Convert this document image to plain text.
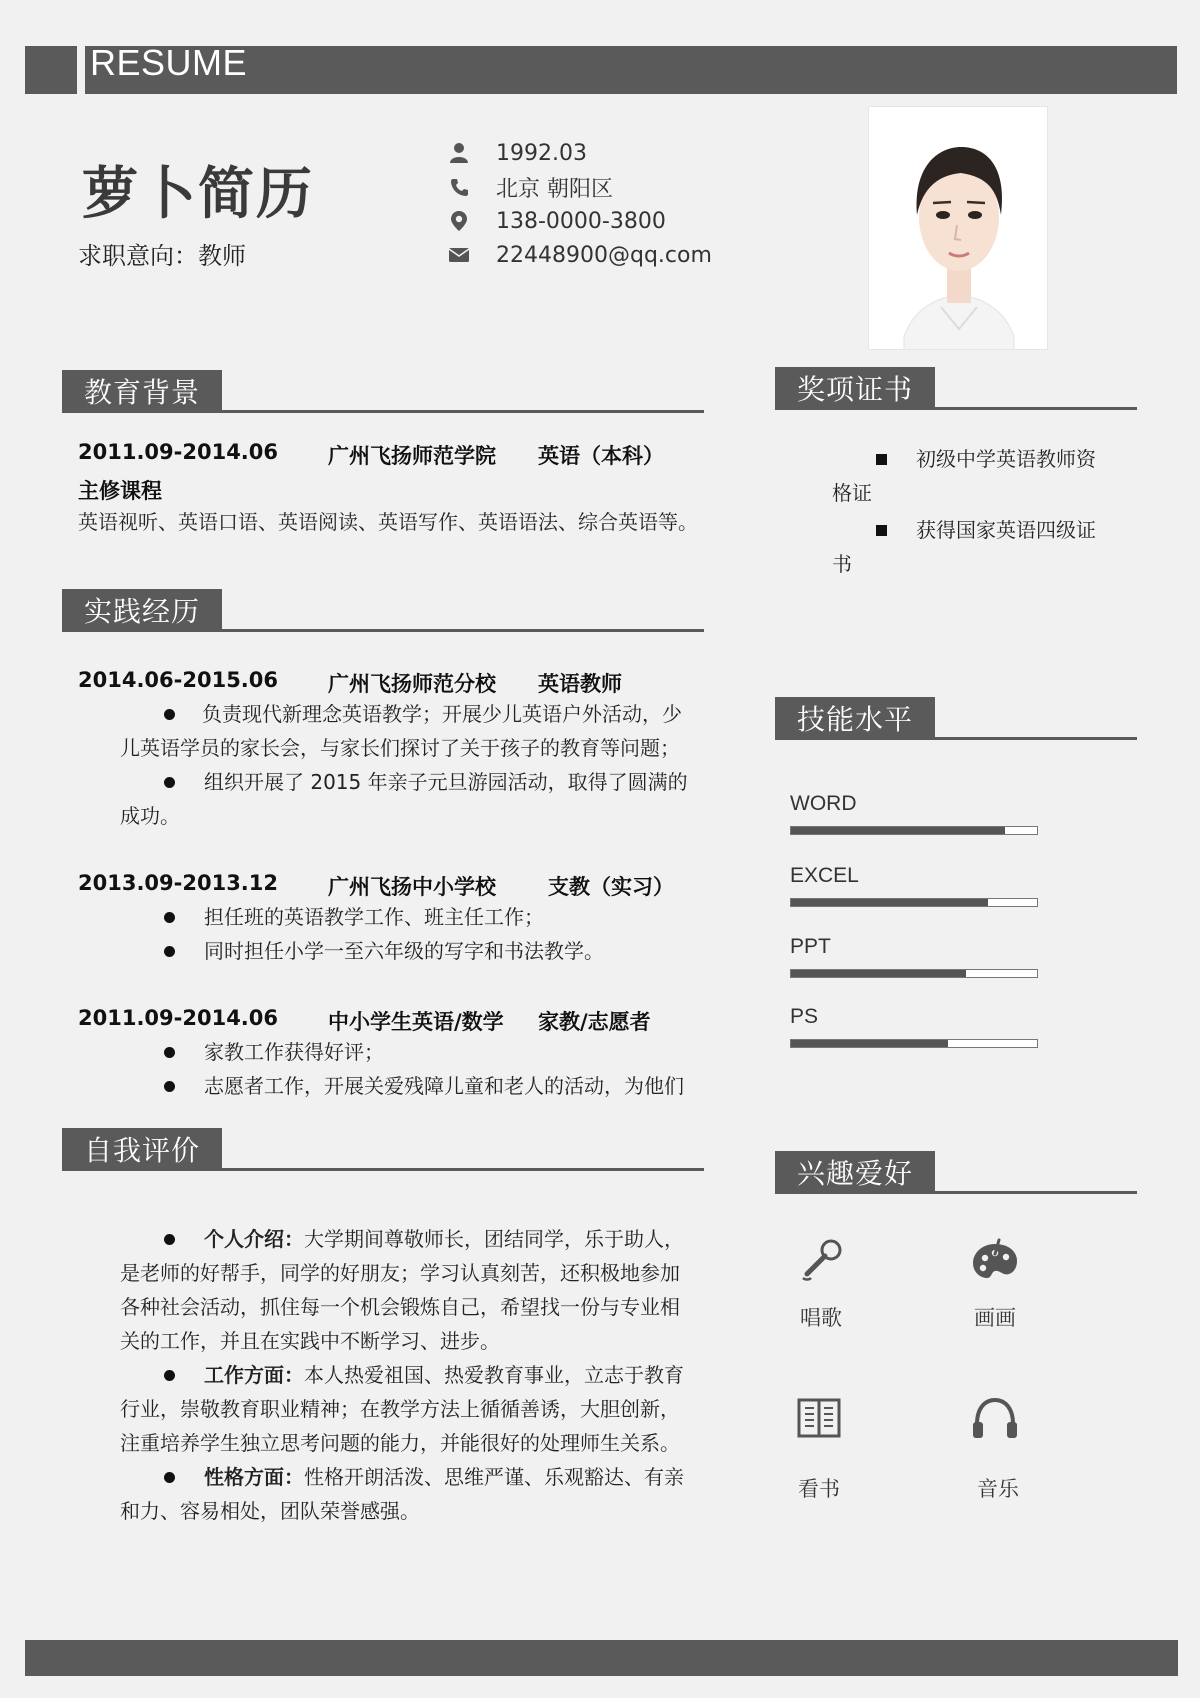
RESUME
萝卜简历
求职意向：教师
1992.03
北京 朝阳区
138-0000-3800
22448900@qq.com
教育背景
2011.09-2014.06 广州飞扬师范学院 英语（本科）
主修课程
英语视听、英语口语、英语阅读、英语写作、英语语法、综合英语等。
实践经历
2014.06-2015.06 广州飞扬师范分校 英语教师
负责现代新理念英语教学；开展少儿英语户外活动，少
儿英语学员的家长会，与家长们探讨了关于孩子的教育等问题；
组织开展了 2015 年亲子元旦游园活动，取得了圆满的
成功。
2013.09-2013.12 广州飞扬中小学校 支教（实习）
担任班的英语教学工作、班主任工作；
同时担任小学一至六年级的写字和书法教学。
2011.09-2014.06 中小学生英语/数学 家教/志愿者
家教工作获得好评；
志愿者工作，开展关爱残障儿童和老人的活动，为他们
自我评价
个人介绍：大学期间尊敬师长，团结同学，乐于助人，
是老师的好帮手，同学的好朋友；学习认真刻苦，还积极地参加
各种社会活动，抓住每一个机会锻炼自己，希望找一份与专业相
关的工作，并且在实践中不断学习、进步。
工作方面：本人热爱祖国、热爱教育事业，立志于教育
行业，崇敬教育职业精神；在教学方法上循循善诱，大胆创新，
注重培养学生独立思考问题的能力，并能很好的处理师生关系。
性格方面：性格开朗活泼、思维严谨、乐观豁达、有亲
和力、容易相处，团队荣誉感强。
奖项证书
初级中学英语教师资
格证
获得国家英语四级证
书
技能水平
WORD
EXCEL
PPT
PS
兴趣爱好
唱歌	画画
看书	音乐
